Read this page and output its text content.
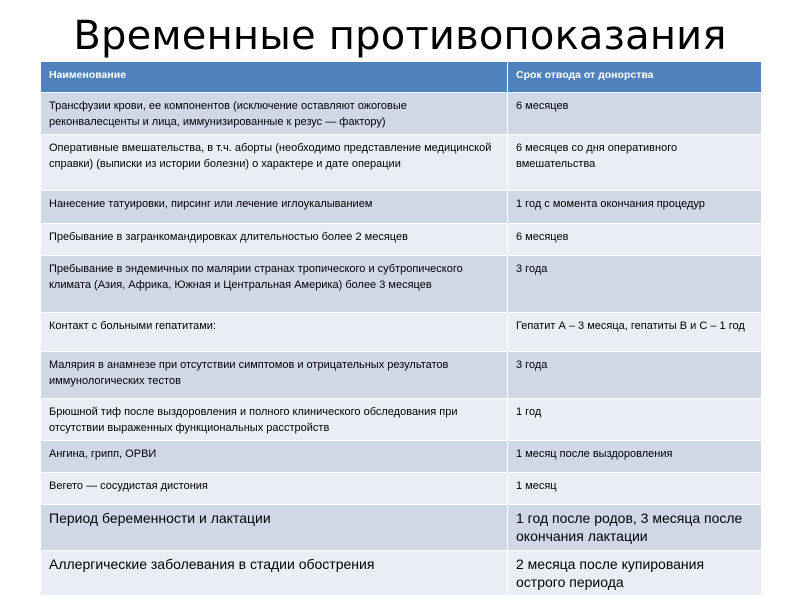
Временные противопоказания
Наименование	Срок отвода от донорства
Трансфузии крови, ее компонентов (исключение оставляют ожоговые реконвалесценты и лица, иммунизированные к резус — фактору)	6 месяцев
Оперативные вмешательства, в т.ч. аборты (необходимо представление медицинской справки) (выписки из истории болезни) о характере и дате операции	6 месяцев со дня оперативного вмешательства
Нанесение татуировки, пирсинг или лечение иглоукалыванием	1 год с момента окончания процедур
Пребывание в загранкомандировках длительностью более 2 месяцев	6 месяцев
Пребывание в эндемичных по малярии странах тропического и субтропического климата (Азия, Африка, Южная и Центральная Америка) более 3 месяцев	3 года
Контакт с больными гепатитами:	Гепатит А – 3 месяца, гепатиты В и С – 1 год
Малярия в анамнезе при отсутствии симптомов и отрицательных результатов иммунологических тестов	3 года
Брюшной тиф после выздоровления и полного клинического обследования при отсутствии выраженных функциональных расстройств	1 год
Ангина, грипп, ОРВИ	1 месяц после выздоровления
Вегето — сосудистая дистония	1 месяц
Период беременности и лактации	1 год после родов, 3 месяца после окончания лактации
Аллергические заболевания в стадии обострения	2 месяца после купирования острого периода
